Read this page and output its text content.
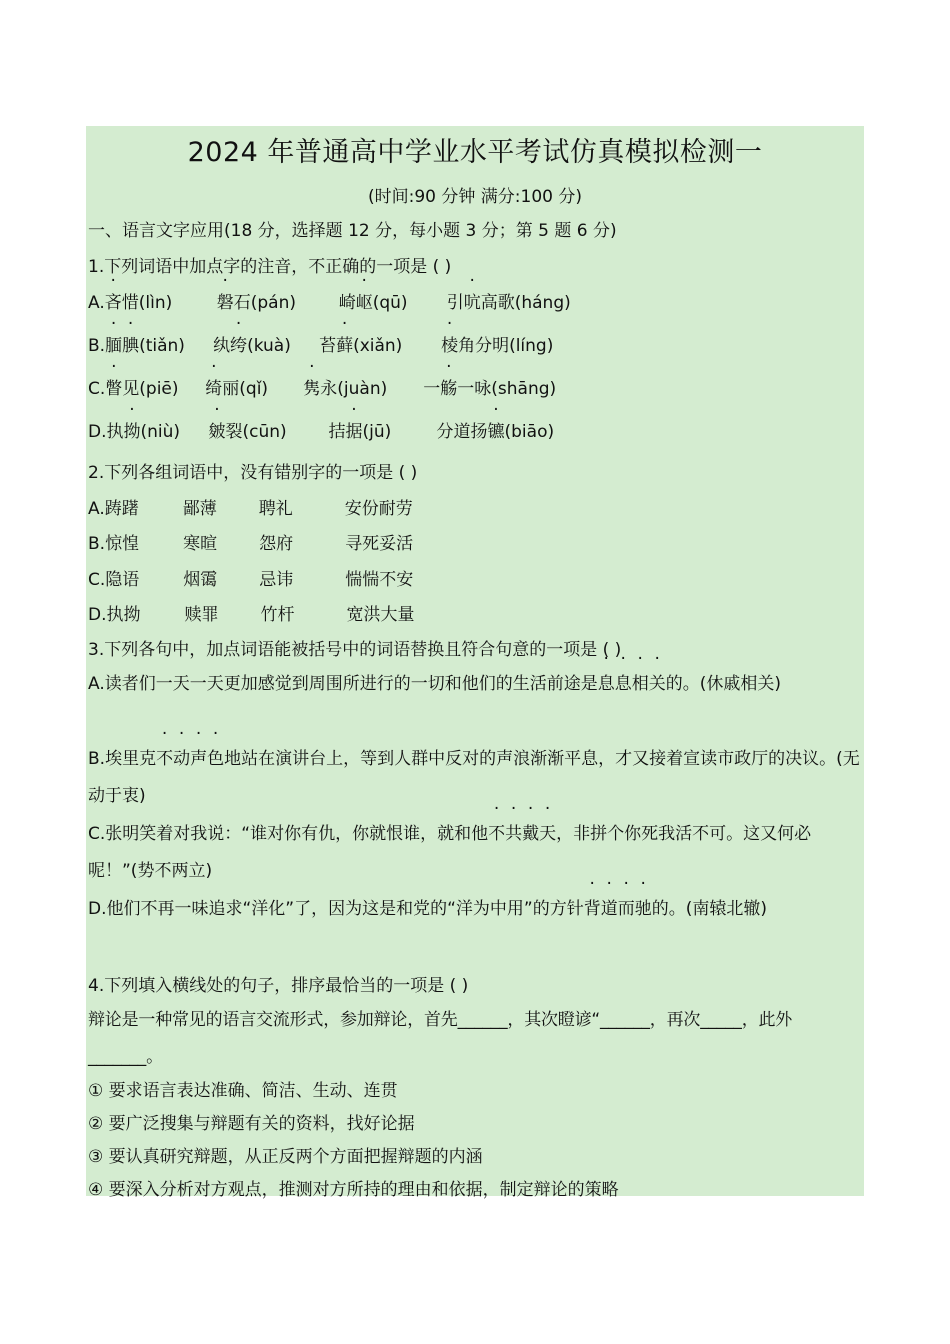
2024 年普通高中学业水平考试仿真模拟检测一
(时间:90 分钟 满分:100 分)
一、语言文字应用(18 分，选择题 12 分，每小题 3 分；第 5 题 6 分)
1.下列词语中加点字的注音，不正确的一项是 ( )
A.吝惜(lìn)	磐石(pán)	崎岖(qū) 引吭高歌(háng)
B.腼腆(tiǎn) 纨绔(kuà) 苔藓(xiǎn) 棱角分明(líng)
C.瞥见(piē) 绮丽(qǐ) 隽永(juàn) 一觞一咏(shāng)
D.执拗(niù) 皴裂(cūn) 拮据(jū)	分道扬镳(biāo)
2.下列各组词语中，没有错别字的一项是 ( )
A.踌躇	鄙薄 聘礼	安份耐劳
B.惊惶	寒暄 怨府	寻死妥活
C.隐语	烟霭 忌讳	惴惴不安
D.执拗	赎罪 竹杆	宽洪大量
3.下列各句中，加点词语能被括号中的词语替换且符合句意的一项是 ( )
A.读者们一天一天更加感觉到周围所进行的一切和他们的生活前途是息息相关的。(休戚相关)
B.埃里克不动声色地站在演讲台上，等到人群中反对的声浪渐渐平息，才又接着宣读市政厅的决议。(无动于衷)
C.张明笑着对我说：“谁对你有仇，你就恨谁，就和他不共戴天，非拼个你死我活不可。这又何必呢！”(势不两立)
D.他们不再一味追求“洋化”了，因为这是和党的“洋为中用”的方针背道而驰的。(南辕北辙)
4.下列填入横线处的句子，排序最恰当的一项是 ( )
辩论是一种常见的语言交流形式，参加辩论，首先______，其次瞪谚“______，再次_____，此外_______。
① 要求语言表达准确、简洁、生动、连贯
② 要广泛搜集与辩题有关的资料，找好论据
③ 要认真研究辩题，从正反两个方面把握辩题的内涵
④ 要深入分析对方观点，推测对方所持的理由和依据，制定辩论的策略
